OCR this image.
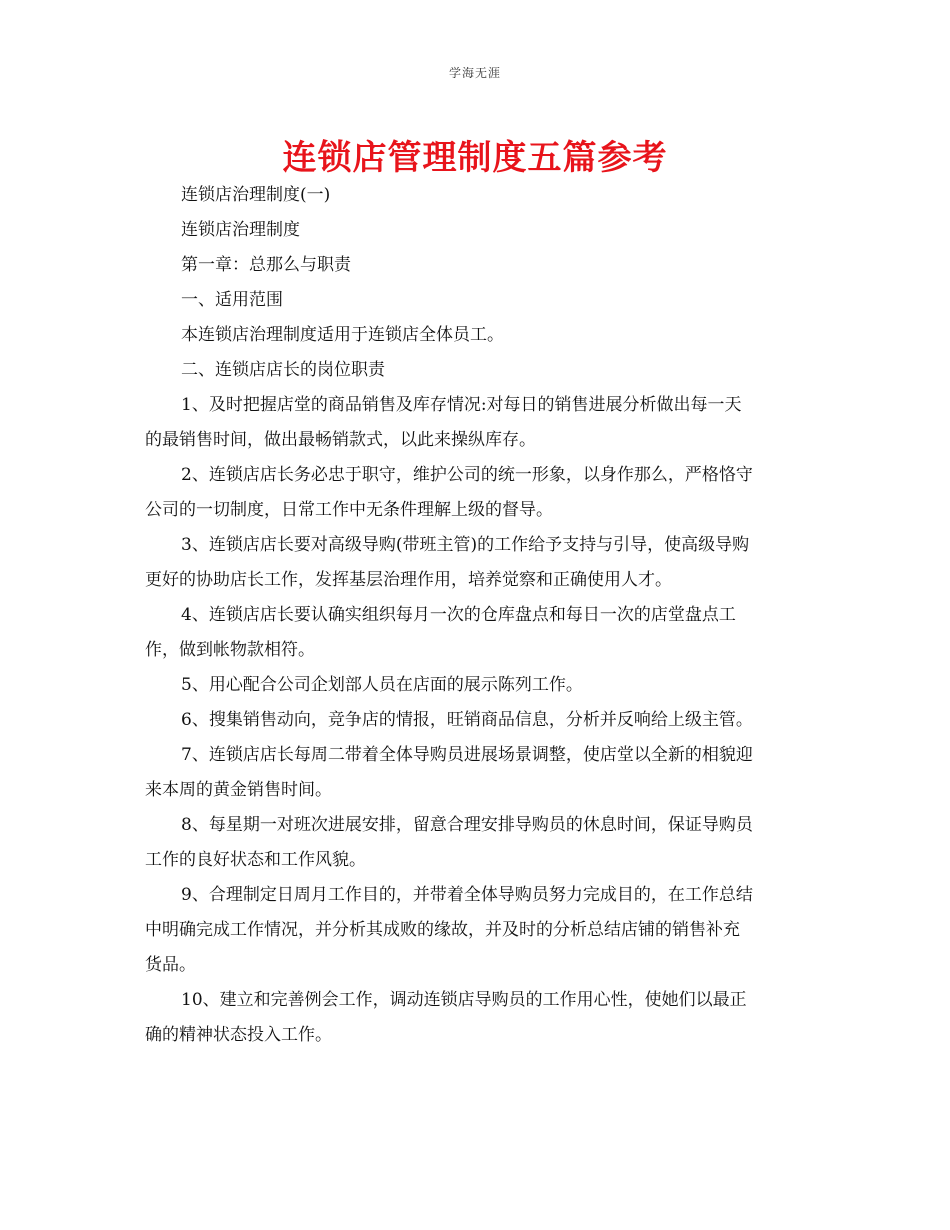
学海无涯
连锁店管理制度五篇参考

连锁店治理制度(一)

连锁店治理制度

第一章：总那么与职责

一、适用范围

本连锁店治理制度适用于连锁店全体员工。

二、连锁店店长的岗位职责

1、及时把握店堂的商品销售及库存情况:对每日的销售进展分析做出每一天

的最销售时间，做出最畅销款式，以此来操纵库存。

2、连锁店店长务必忠于职守，维护公司的统一形象，以身作那么，严格恪守

公司的一切制度，日常工作中无条件理解上级的督导。

3、连锁店店长要对高级导购(带班主管)的工作给予支持与引导，使高级导购

更好的协助店长工作，发挥基层治理作用，培养觉察和正确使用人才。

4、连锁店店长要认确实组织每月一次的仓库盘点和每日一次的店堂盘点工

作，做到帐物款相符。

5、用心配合公司企划部人员在店面的展示陈列工作。

6、搜集销售动向，竞争店的情报，旺销商品信息，分析并反响给上级主管。

7、连锁店店长每周二带着全体导购员进展场景调整，使店堂以全新的相貌迎

来本周的黄金销售时间。

8、每星期一对班次进展安排，留意合理安排导购员的休息时间，保证导购员

工作的良好状态和工作风貌。

9、合理制定日周月工作目的，并带着全体导购员努力完成目的，在工作总结

中明确完成工作情况，并分析其成败的缘故，并及时的分析总结店铺的销售补充

货品。

10、建立和完善例会工作，调动连锁店导购员的工作用心性，使她们以最正

确的精神状态投入工作。
